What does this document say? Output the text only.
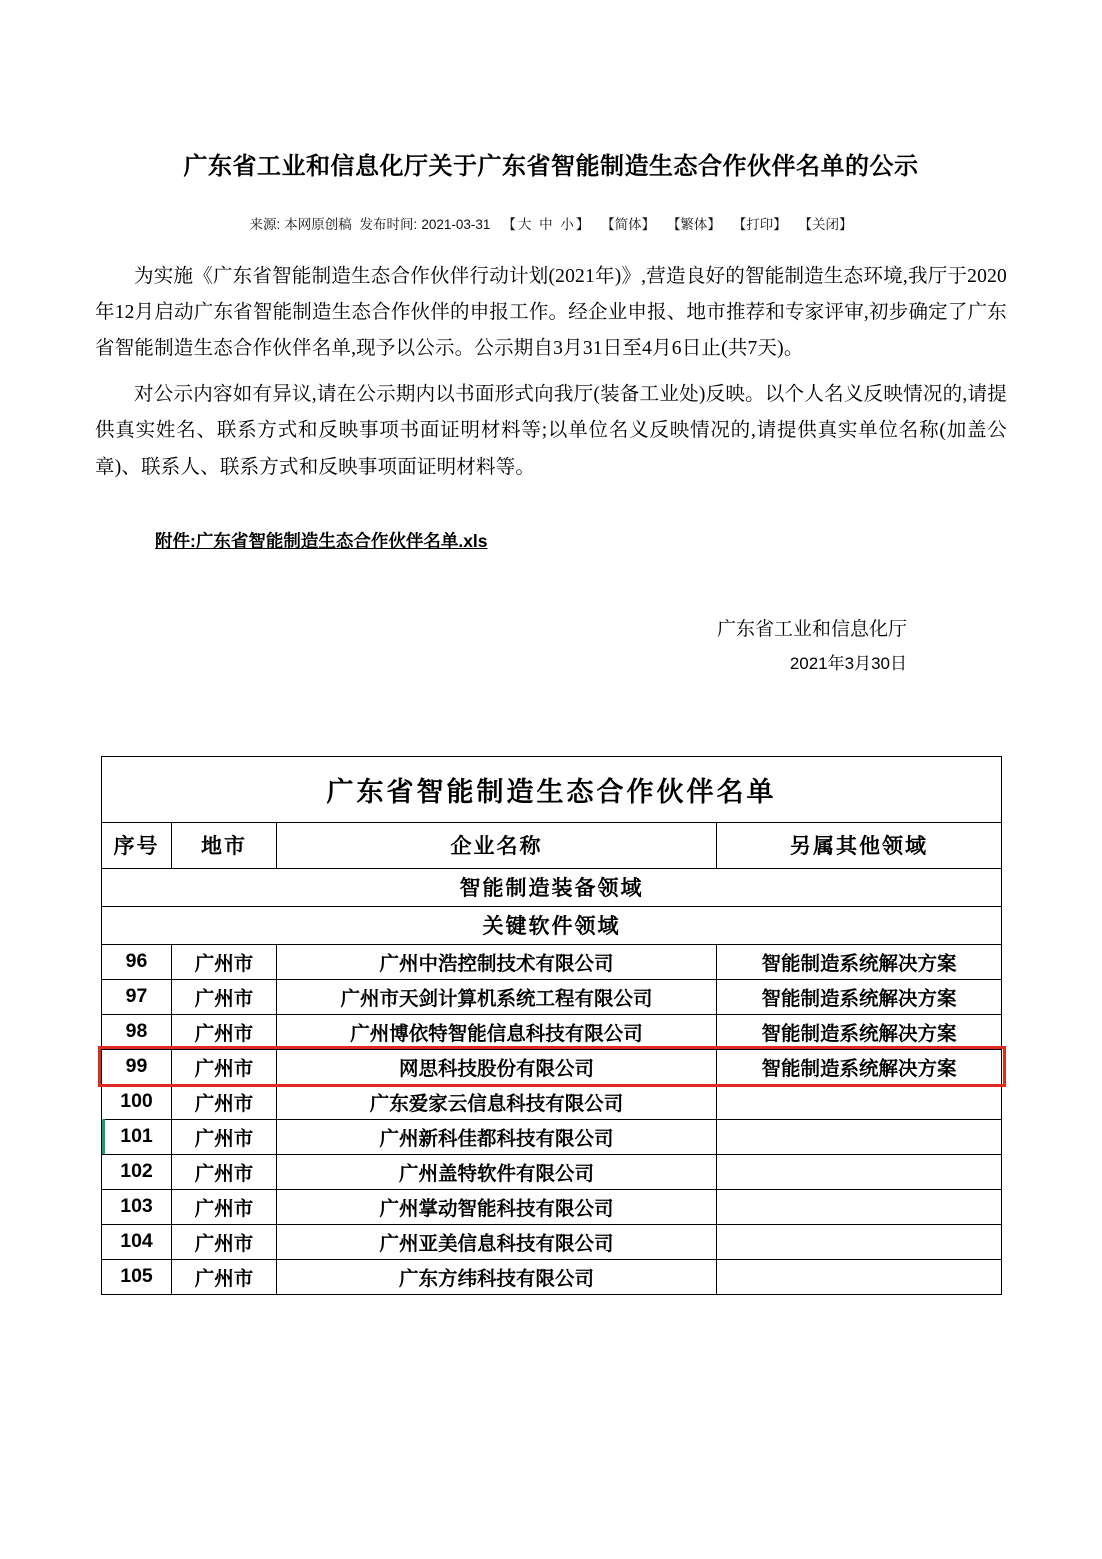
广东省工业和信息化厅关于广东省智能制造生态合作伙伴名单的公示
来源: 本网原创稿 发布时间: 2021-03-31 【 大 中 小 】 【简体】 【繁体】 【打印】 【关闭】

为实施《广东省智能制造生态合作伙伴行动计划(2021年)》,营造良好的智能制造生态环境,我厅于2020年12月启动广东省智能制造生态合作伙伴的申报工作。经企业申报、地市推荐和专家评审,初步确定了广东省智能制造生态合作伙伴名单,现予以公示。公示期自3月31日至4月6日止(共7天)。

对公示内容如有异议,请在公示期内以书面形式向我厅(装备工业处)反映。以个人名义反映情况的,请提供真实姓名、联系方式和反映事项书面证明材料等;以单位名义反映情况的,请提供真实单位名称(加盖公章)、联系人、联系方式和反映事项面证明材料等。

附件:广东省智能制造生态合作伙伴名单.xls
广东省工业和信息化厅
2021年3月30日
广东省智能制造生态合作伙伴名单			
序号	地市	企业名称	另属其他领域
智能制造装备领域			
关键软件领域			
96	广州市	广州中浩控制技术有限公司	智能制造系统解决方案
97	广州市	广州市天剑计算机系统工程有限公司	智能制造系统解决方案
98	广州市	广州博依特智能信息科技有限公司	智能制造系统解决方案
99	广州市	网思科技股份有限公司	智能制造系统解决方案
100	广州市	广东爱家云信息科技有限公司	
101	广州市	广州新科佳都科技有限公司	
102	广州市	广州盖特软件有限公司	
103	广州市	广州掌动智能科技有限公司	
104	广州市	广州亚美信息科技有限公司	
105	广州市	广东方纬科技有限公司	
